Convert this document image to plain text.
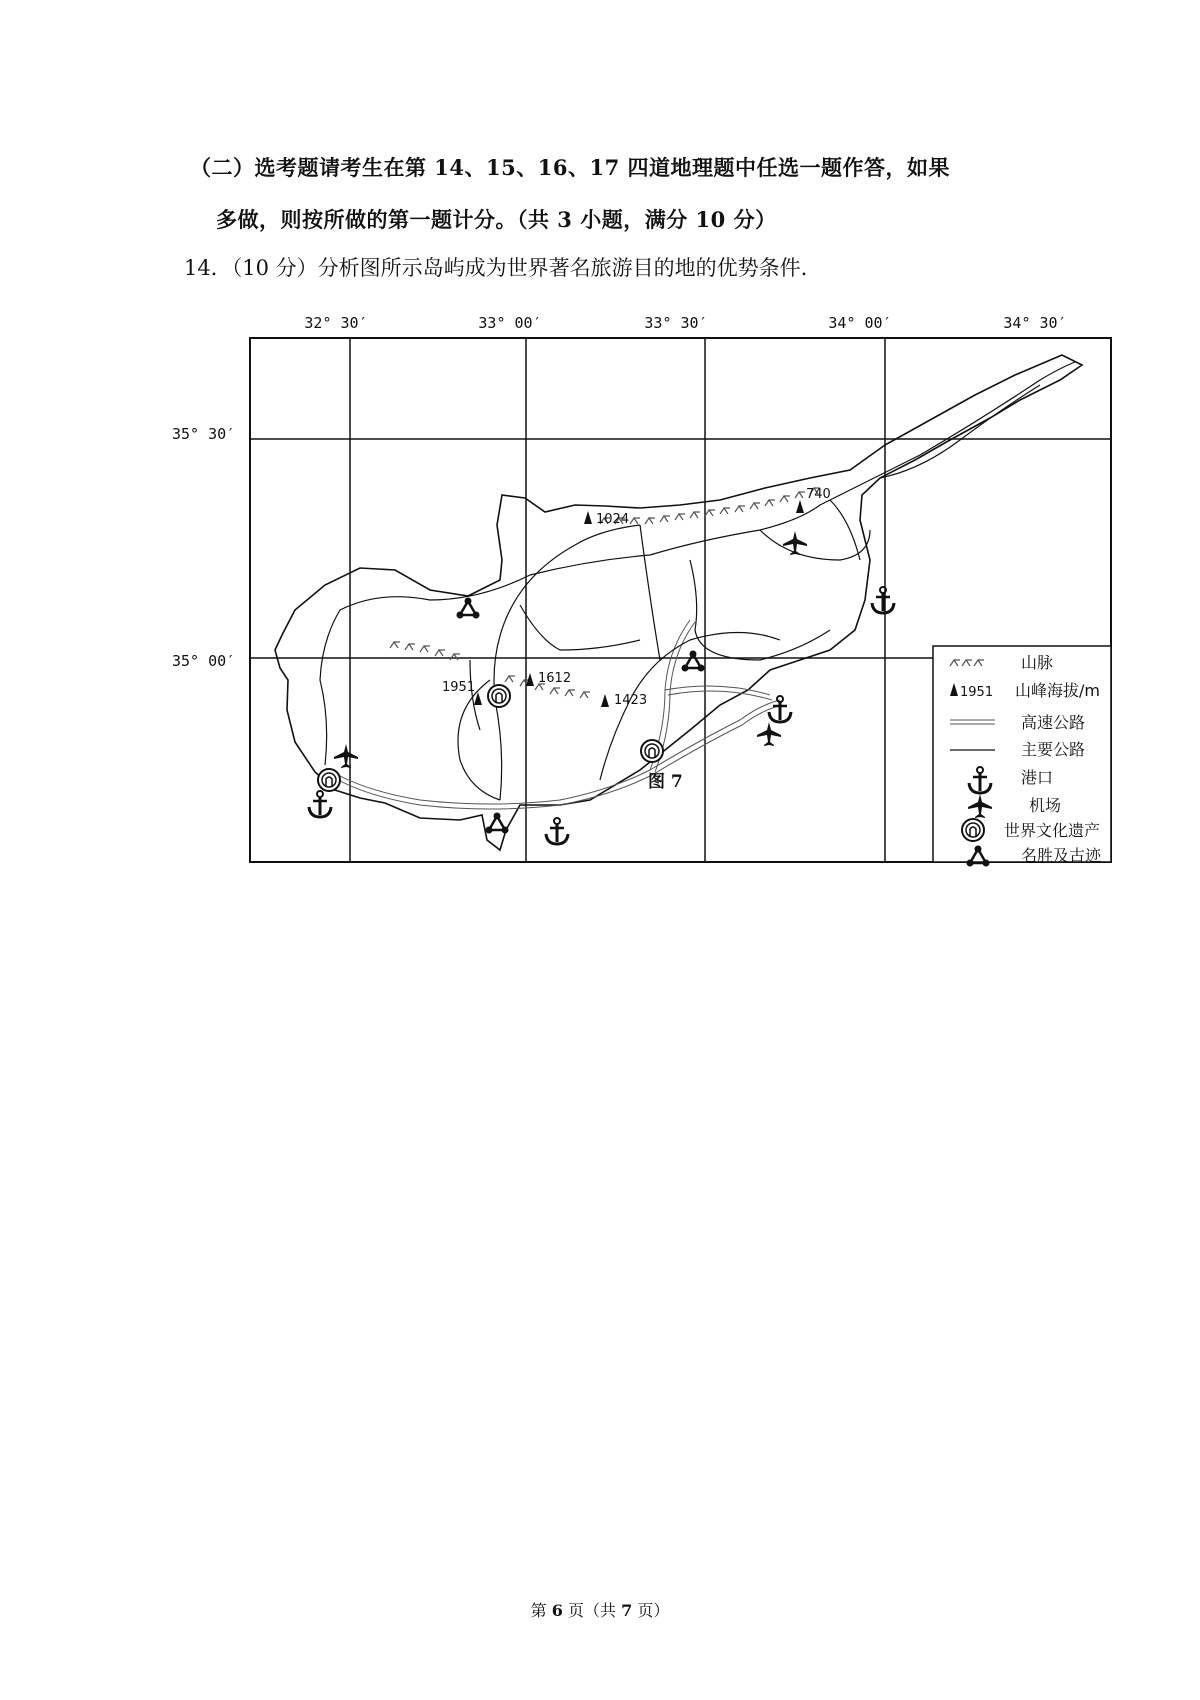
（二）选考题请考生在第 14、15、16、17 四道地理题中任选一题作答，如果
多做，则按所做的第一题计分。（共 3 小题，满分 10 分）
14．（10 分）分析图所示岛屿成为世界著名旅游目的地的优势条件.
32° 30′	33° 00′	33° 30′	34° 00′	34° 30′
35° 30′
35° 00′
1024
740
1951
1612
1423
图 7
山脉
1951 山峰海拔/m
高速公路
主要公路
港口
机场
世界文化遗产
名胜及古迹
第 6 页（共 7 页）
